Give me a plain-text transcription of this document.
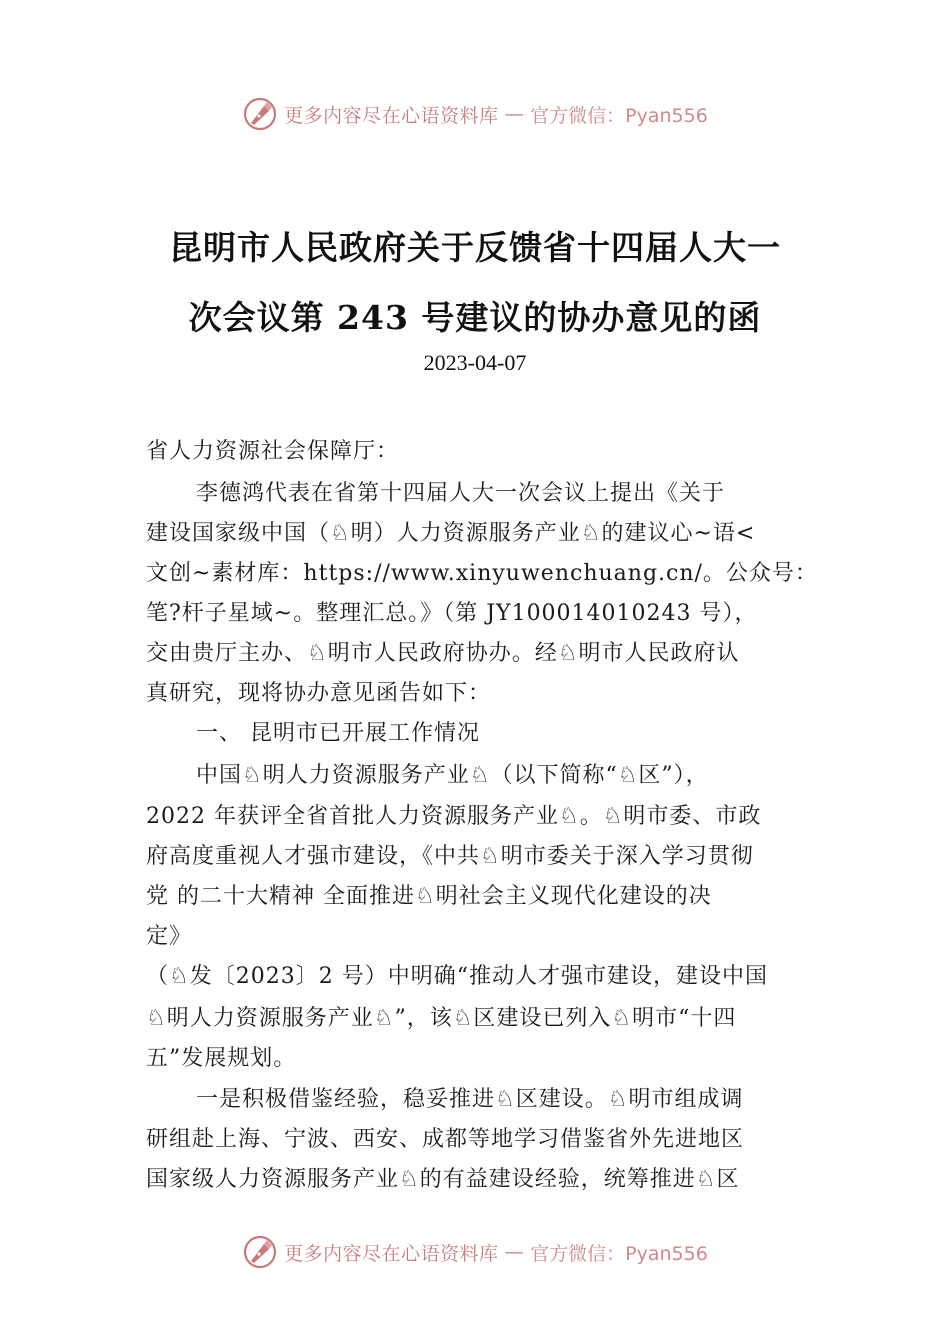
更多内容尽在心语资料库 — 官方微信：Pyan556
昆明市人民政府关于反馈省十四届人大一
次会议第 243 号建议的协办意见的函
2023-04-07
省人力资源社会保障厅：
李德鸿代表在省第十四届人大一次会议上提出《关于
建设国家级中国（♘明）人力资源服务产业♘的建议心~语<
文创~素材库：https://www.xinyuwenchuang.cn/。公众号：
笔?杆子星域~。整理汇总。》（第 JY100014010243 号），
交由贵厅主办、♘明市人民政府协办。经♘明市人民政府认
真研究，现将协办意见函告如下：
一、 昆明市已开展工作情况
中国♘明人力资源服务产业♘（以下简称“♘区”），
2022 年获评全省首批人力资源服务产业♘。♘明市委、市政
府高度重视人才强市建设，《中共♘明市委关于深入学习贯彻
党 的二十大精神 全面推进♘明社会主义现代化建设的决
定》
（♘发〔2023〕2 号）中明确“推动人才强市建设，建设中国
♘明人力资源服务产业♘”，该♘区建设已列入♘明市“十四
五”发展规划。
一是积极借鉴经验，稳妥推进♘区建设。♘明市组成调
研组赴上海、宁波、西安、成都等地学习借鉴省外先进地区
国家级人力资源服务产业♘的有益建设经验，统筹推进♘区
更多内容尽在心语资料库 — 官方微信：Pyan556
